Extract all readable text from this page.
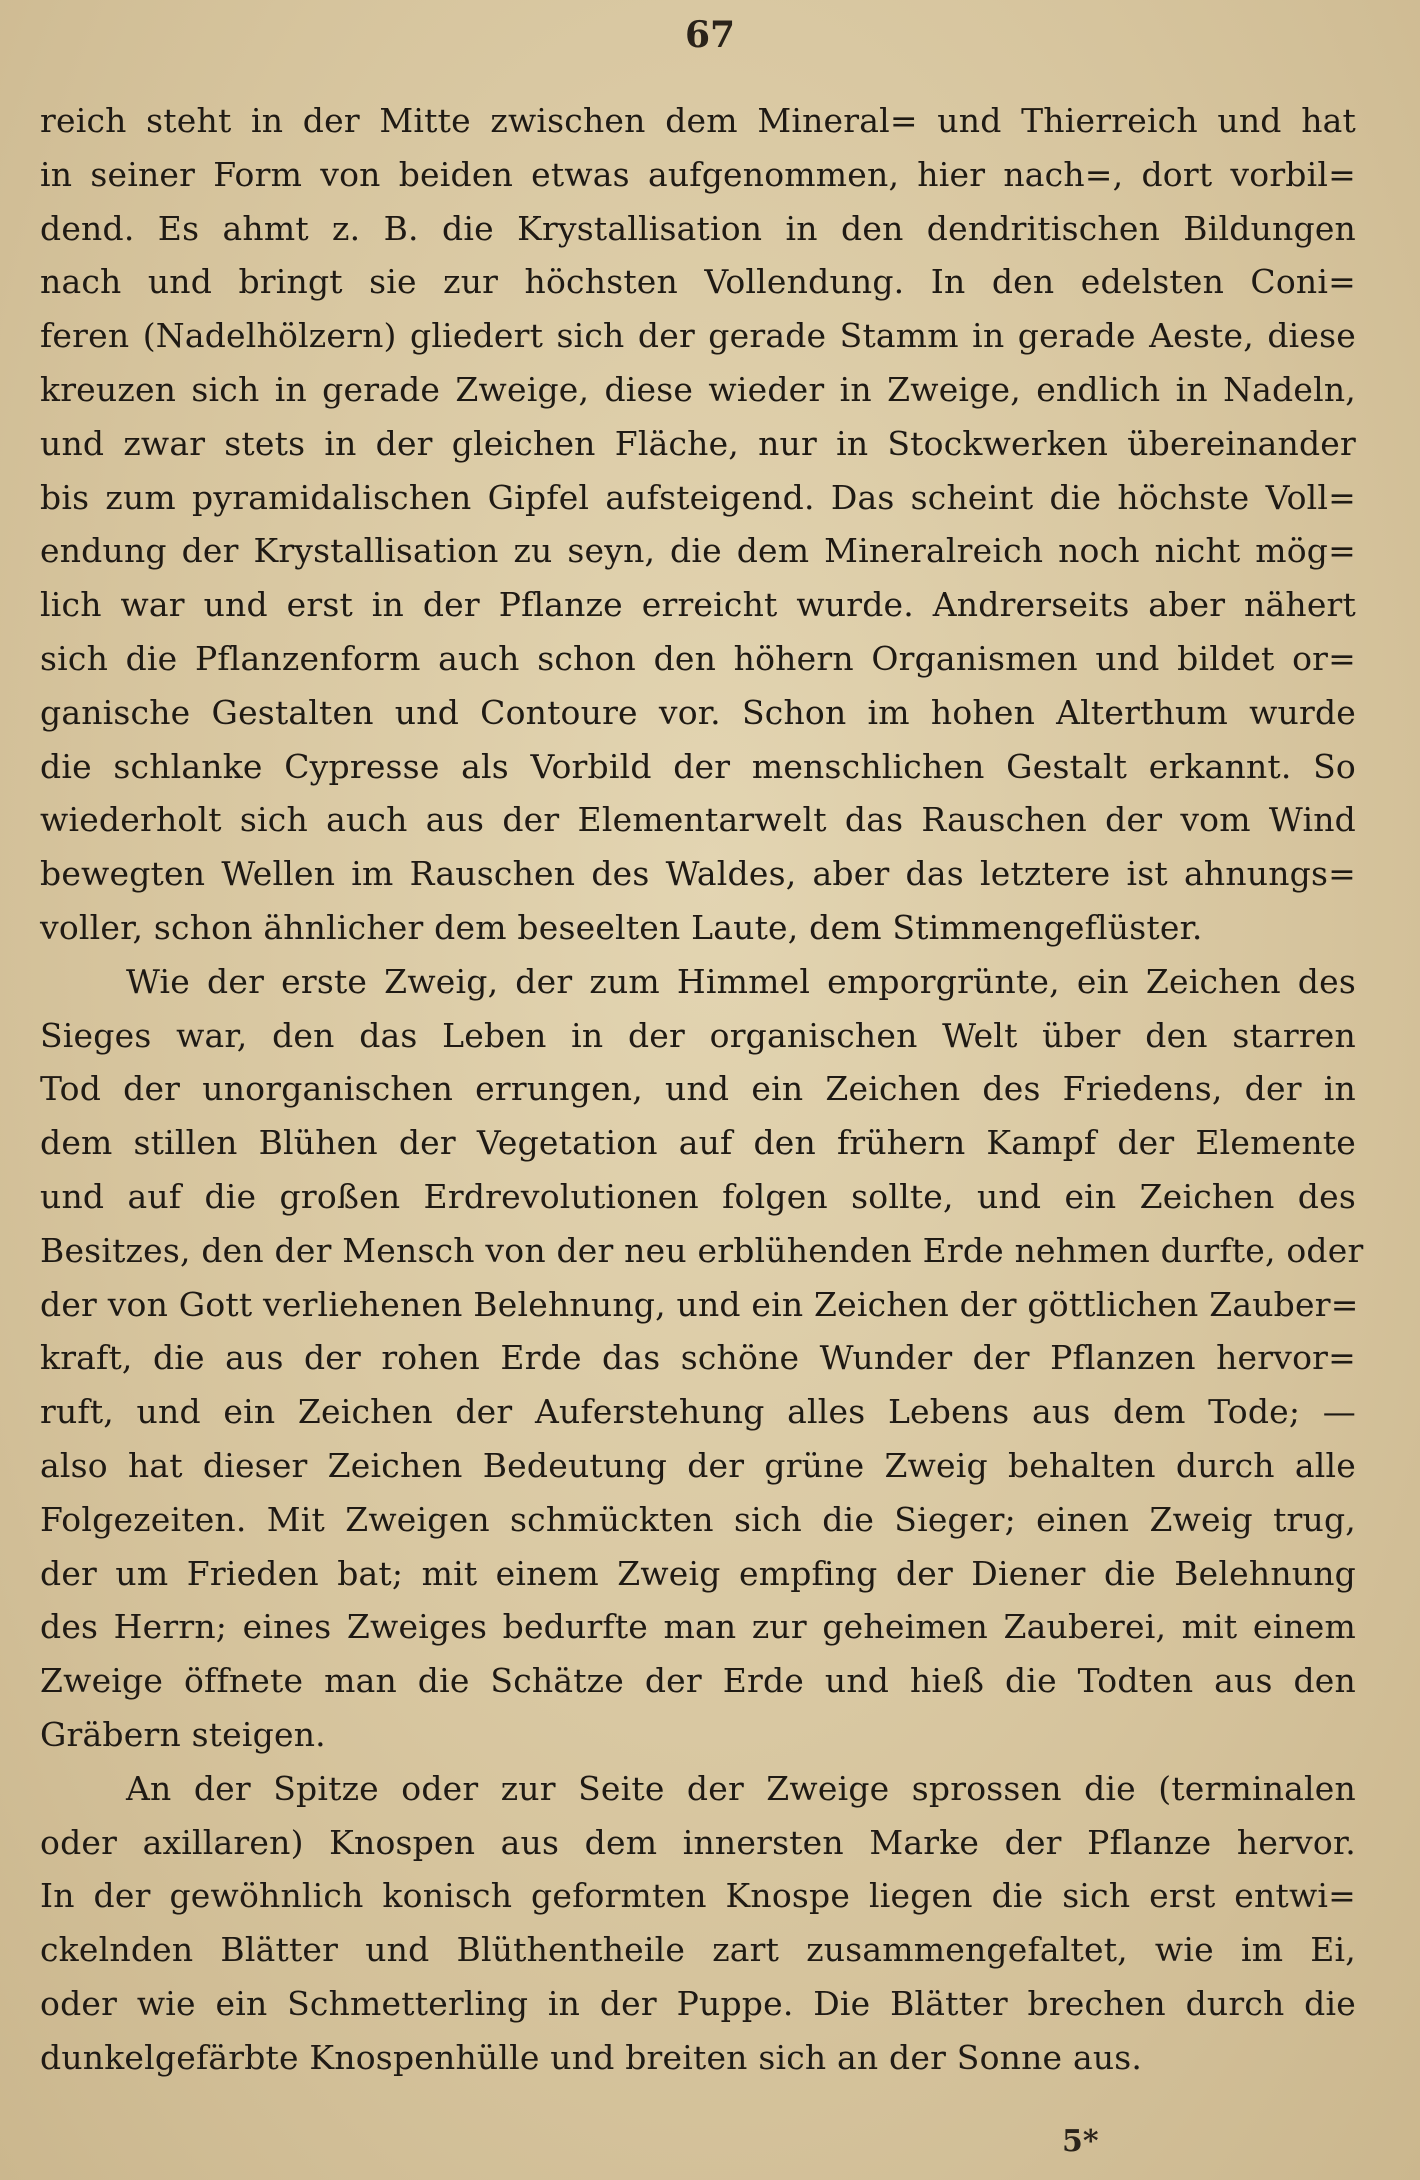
67
reich steht in der Mitte zwischen dem Mineral= und Thierreich und hat
in seiner Form von beiden etwas aufgenommen, hier nach=, dort vorbil=
dend. Es ahmt z. B. die Krystallisation in den dendritischen Bildungen
nach und bringt sie zur höchsten Vollendung. In den edelsten Coni=
feren (Nadelhölzern) gliedert sich der gerade Stamm in gerade Aeste, diese
kreuzen sich in gerade Zweige, diese wieder in Zweige, endlich in Nadeln,
und zwar stets in der gleichen Fläche, nur in Stockwerken übereinander
bis zum pyramidalischen Gipfel aufsteigend. Das scheint die höchste Voll=
endung der Krystallisation zu seyn, die dem Mineralreich noch nicht mög=
lich war und erst in der Pflanze erreicht wurde. Andrerseits aber nähert
sich die Pflanzenform auch schon den höhern Organismen und bildet or=
ganische Gestalten und Contoure vor. Schon im hohen Alterthum wurde
die schlanke Cypresse als Vorbild der menschlichen Gestalt erkannt. So
wiederholt sich auch aus der Elementarwelt das Rauschen der vom Wind
bewegten Wellen im Rauschen des Waldes, aber das letztere ist ahnungs=
voller, schon ähnlicher dem beseelten Laute, dem Stimmengeflüster.
Wie der erste Zweig, der zum Himmel emporgrünte, ein Zeichen des
Sieges war, den das Leben in der organischen Welt über den starren
Tod der unorganischen errungen, und ein Zeichen des Friedens, der in
dem stillen Blühen der Vegetation auf den frühern Kampf der Elemente
und auf die großen Erdrevolutionen folgen sollte, und ein Zeichen des
Besitzes, den der Mensch von der neu erblühenden Erde nehmen durfte, oder
der von Gott verliehenen Belehnung, und ein Zeichen der göttlichen Zauber=
kraft, die aus der rohen Erde das schöne Wunder der Pflanzen hervor=
ruft, und ein Zeichen der Auferstehung alles Lebens aus dem Tode; —
also hat dieser Zeichen Bedeutung der grüne Zweig behalten durch alle
Folgezeiten. Mit Zweigen schmückten sich die Sieger; einen Zweig trug,
der um Frieden bat; mit einem Zweig empfing der Diener die Belehnung
des Herrn; eines Zweiges bedurfte man zur geheimen Zauberei, mit einem
Zweige öffnete man die Schätze der Erde und hieß die Todten aus den
Gräbern steigen.
An der Spitze oder zur Seite der Zweige sprossen die (terminalen
oder axillaren) Knospen aus dem innersten Marke der Pflanze hervor.
In der gewöhnlich konisch geformten Knospe liegen die sich erst entwi=
ckelnden Blätter und Blüthentheile zart zusammengefaltet, wie im Ei,
oder wie ein Schmetterling in der Puppe. Die Blätter brechen durch die
dunkelgefärbte Knospenhülle und breiten sich an der Sonne aus.
5*
